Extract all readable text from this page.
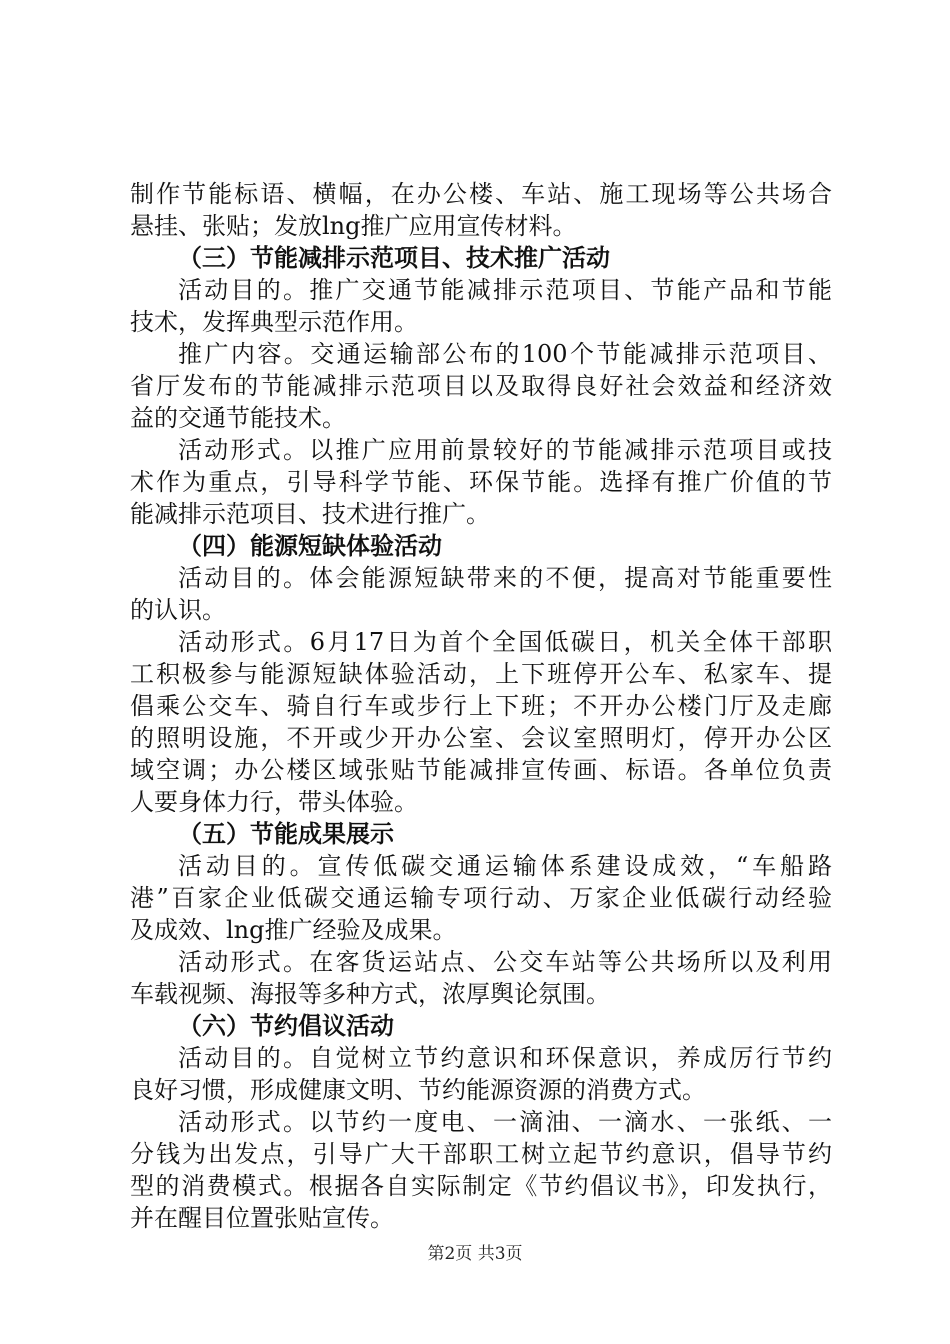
制作节能标语、横幅，在办公楼、车站、施工现场等公共场合
悬挂、张贴；发放lng推广应用宣传材料。
（三）节能减排示范项目、技术推广活动
活动目的。推广交通节能减排示范项目、节能产品和节能
技术，发挥典型示范作用。
推广内容。交通运输部公布的100个节能减排示范项目、
省厅发布的节能减排示范项目以及取得良好社会效益和经济效
益的交通节能技术。
活动形式。以推广应用前景较好的节能减排示范项目或技
术作为重点，引导科学节能、环保节能。选择有推广价值的节
能减排示范项目、技术进行推广。
（四）能源短缺体验活动
活动目的。体会能源短缺带来的不便，提高对节能重要性
的认识。
活动形式。6月17日为首个全国低碳日，机关全体干部职
工积极参与能源短缺体验活动，上下班停开公车、私家车、提
倡乘公交车、骑自行车或步行上下班；不开办公楼门厅及走廊
的照明设施，不开或少开办公室、会议室照明灯，停开办公区
域空调；办公楼区域张贴节能减排宣传画、标语。各单位负责
人要身体力行，带头体验。
（五）节能成果展示
活动目的。宣传低碳交通运输体系建设成效，“车船路
港”百家企业低碳交通运输专项行动、万家企业低碳行动经验
及成效、lng推广经验及成果。
活动形式。在客货运站点、公交车站等公共场所以及利用
车载视频、海报等多种方式，浓厚舆论氛围。
（六）节约倡议活动
活动目的。自觉树立节约意识和环保意识，养成厉行节约
良好习惯，形成健康文明、节约能源资源的消费方式。
活动形式。以节约一度电、一滴油、一滴水、一张纸、一
分钱为出发点，引导广大干部职工树立起节约意识，倡导节约
型的消费模式。根据各自实际制定《节约倡议书》，印发执行，
并在醒目位置张贴宣传。
第2页 共3页
